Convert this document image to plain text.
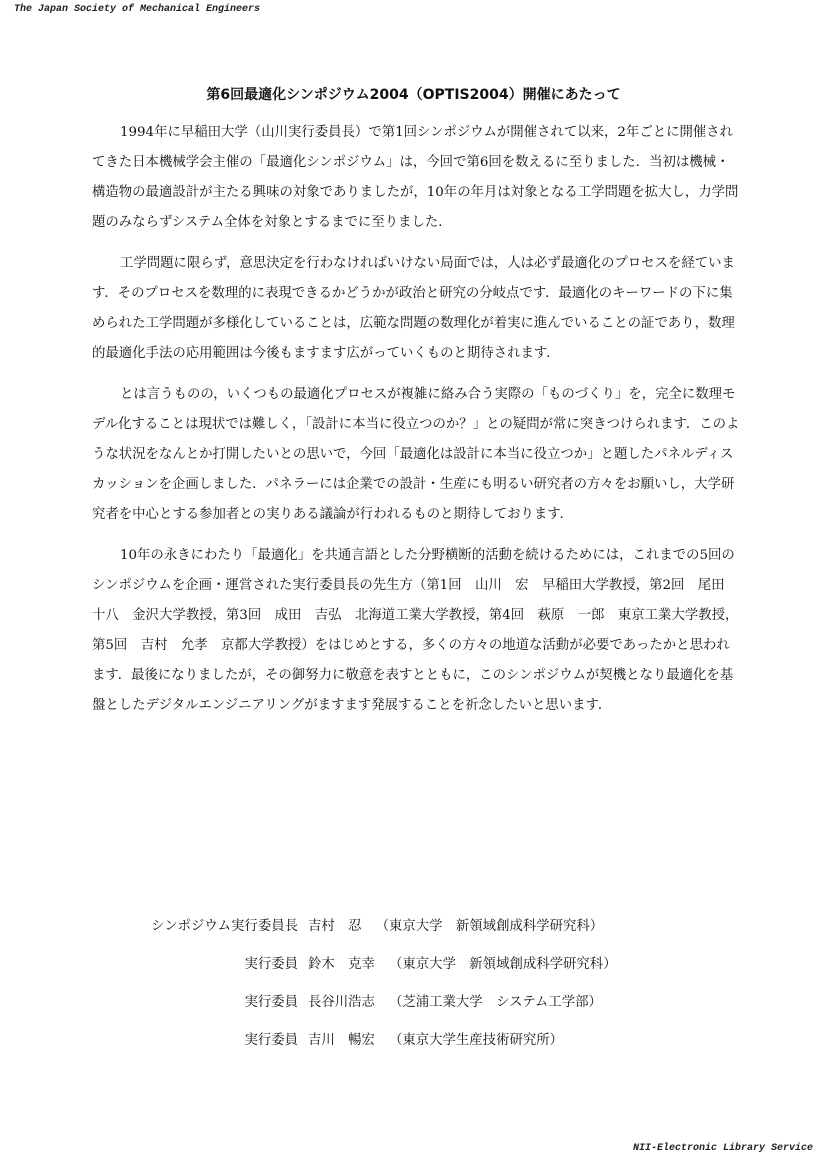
The Japan Society of Mechanical Engineers
第6回最適化シンポジウム2004（OPTIS2004）開催にあたって

1994年に早稲田大学（山川実行委員長）で第1回シンポジウムが開催されて以来，2年ごとに開催されてきた日本機械学会主催の「最適化シンポジウム」は，今回で第6回を数えるに至りました．当初は機械・構造物の最適設計が主たる興味の対象でありましたが，10年の年月は対象となる工学問題を拡大し，力学問題のみならずシステム全体を対象とするまでに至りました．

工学問題に限らず，意思決定を行わなければいけない局面では，人は必ず最適化のプロセスを経ています．そのプロセスを数理的に表現できるかどうかが政治と研究の分岐点です．最適化のキーワードの下に集められた工学問題が多様化していることは，広範な問題の数理化が着実に進んでいることの証であり，数理的最適化手法の応用範囲は今後もますます広がっていくものと期待されます．

とは言うものの，いくつもの最適化プロセスが複雑に絡み合う実際の「ものづくり」を，完全に数理モデル化することは現状では難しく，「設計に本当に役立つのか？」との疑問が常に突きつけられます．このような状況をなんとか打開したいとの思いで，今回「最適化は設計に本当に役立つか」と題したパネルディスカッションを企画しました．パネラーには企業での設計・生産にも明るい研究者の方々をお願いし，大学研究者を中心とする参加者との実りある議論が行われるものと期待しております．

10年の永きにわたり「最適化」を共通言語とした分野横断的活動を続けるためには，これまでの5回のシンポジウムを企画・運営された実行委員長の先生方（第1回　山川　宏　早稲田大学教授，第2回　尾田　十八　金沢大学教授，第3回　成田　吉弘　北海道工業大学教授，第4回　萩原　一郎　東京工業大学教授，第5回　吉村　允孝　京都大学教授）をはじめとする，多くの方々の地道な活動が必要であったかと思われます．最後になりましたが，その御努力に敬意を表すとともに，このシンポジウムが契機となり最適化を基盤としたデジタルエンジニアリングがますます発展することを祈念したいと思います．

シンポジウム実行委員長 吉村　忍 （東京大学　新領域創成科学研究科）
実行委員 鈴木　克幸 （東京大学　新領域創成科学研究科）
実行委員 長谷川浩志 （芝浦工業大学　システム工学部）
実行委員 吉川　暢宏 （東京大学生産技術研究所）
NII-Electronic Library Service
